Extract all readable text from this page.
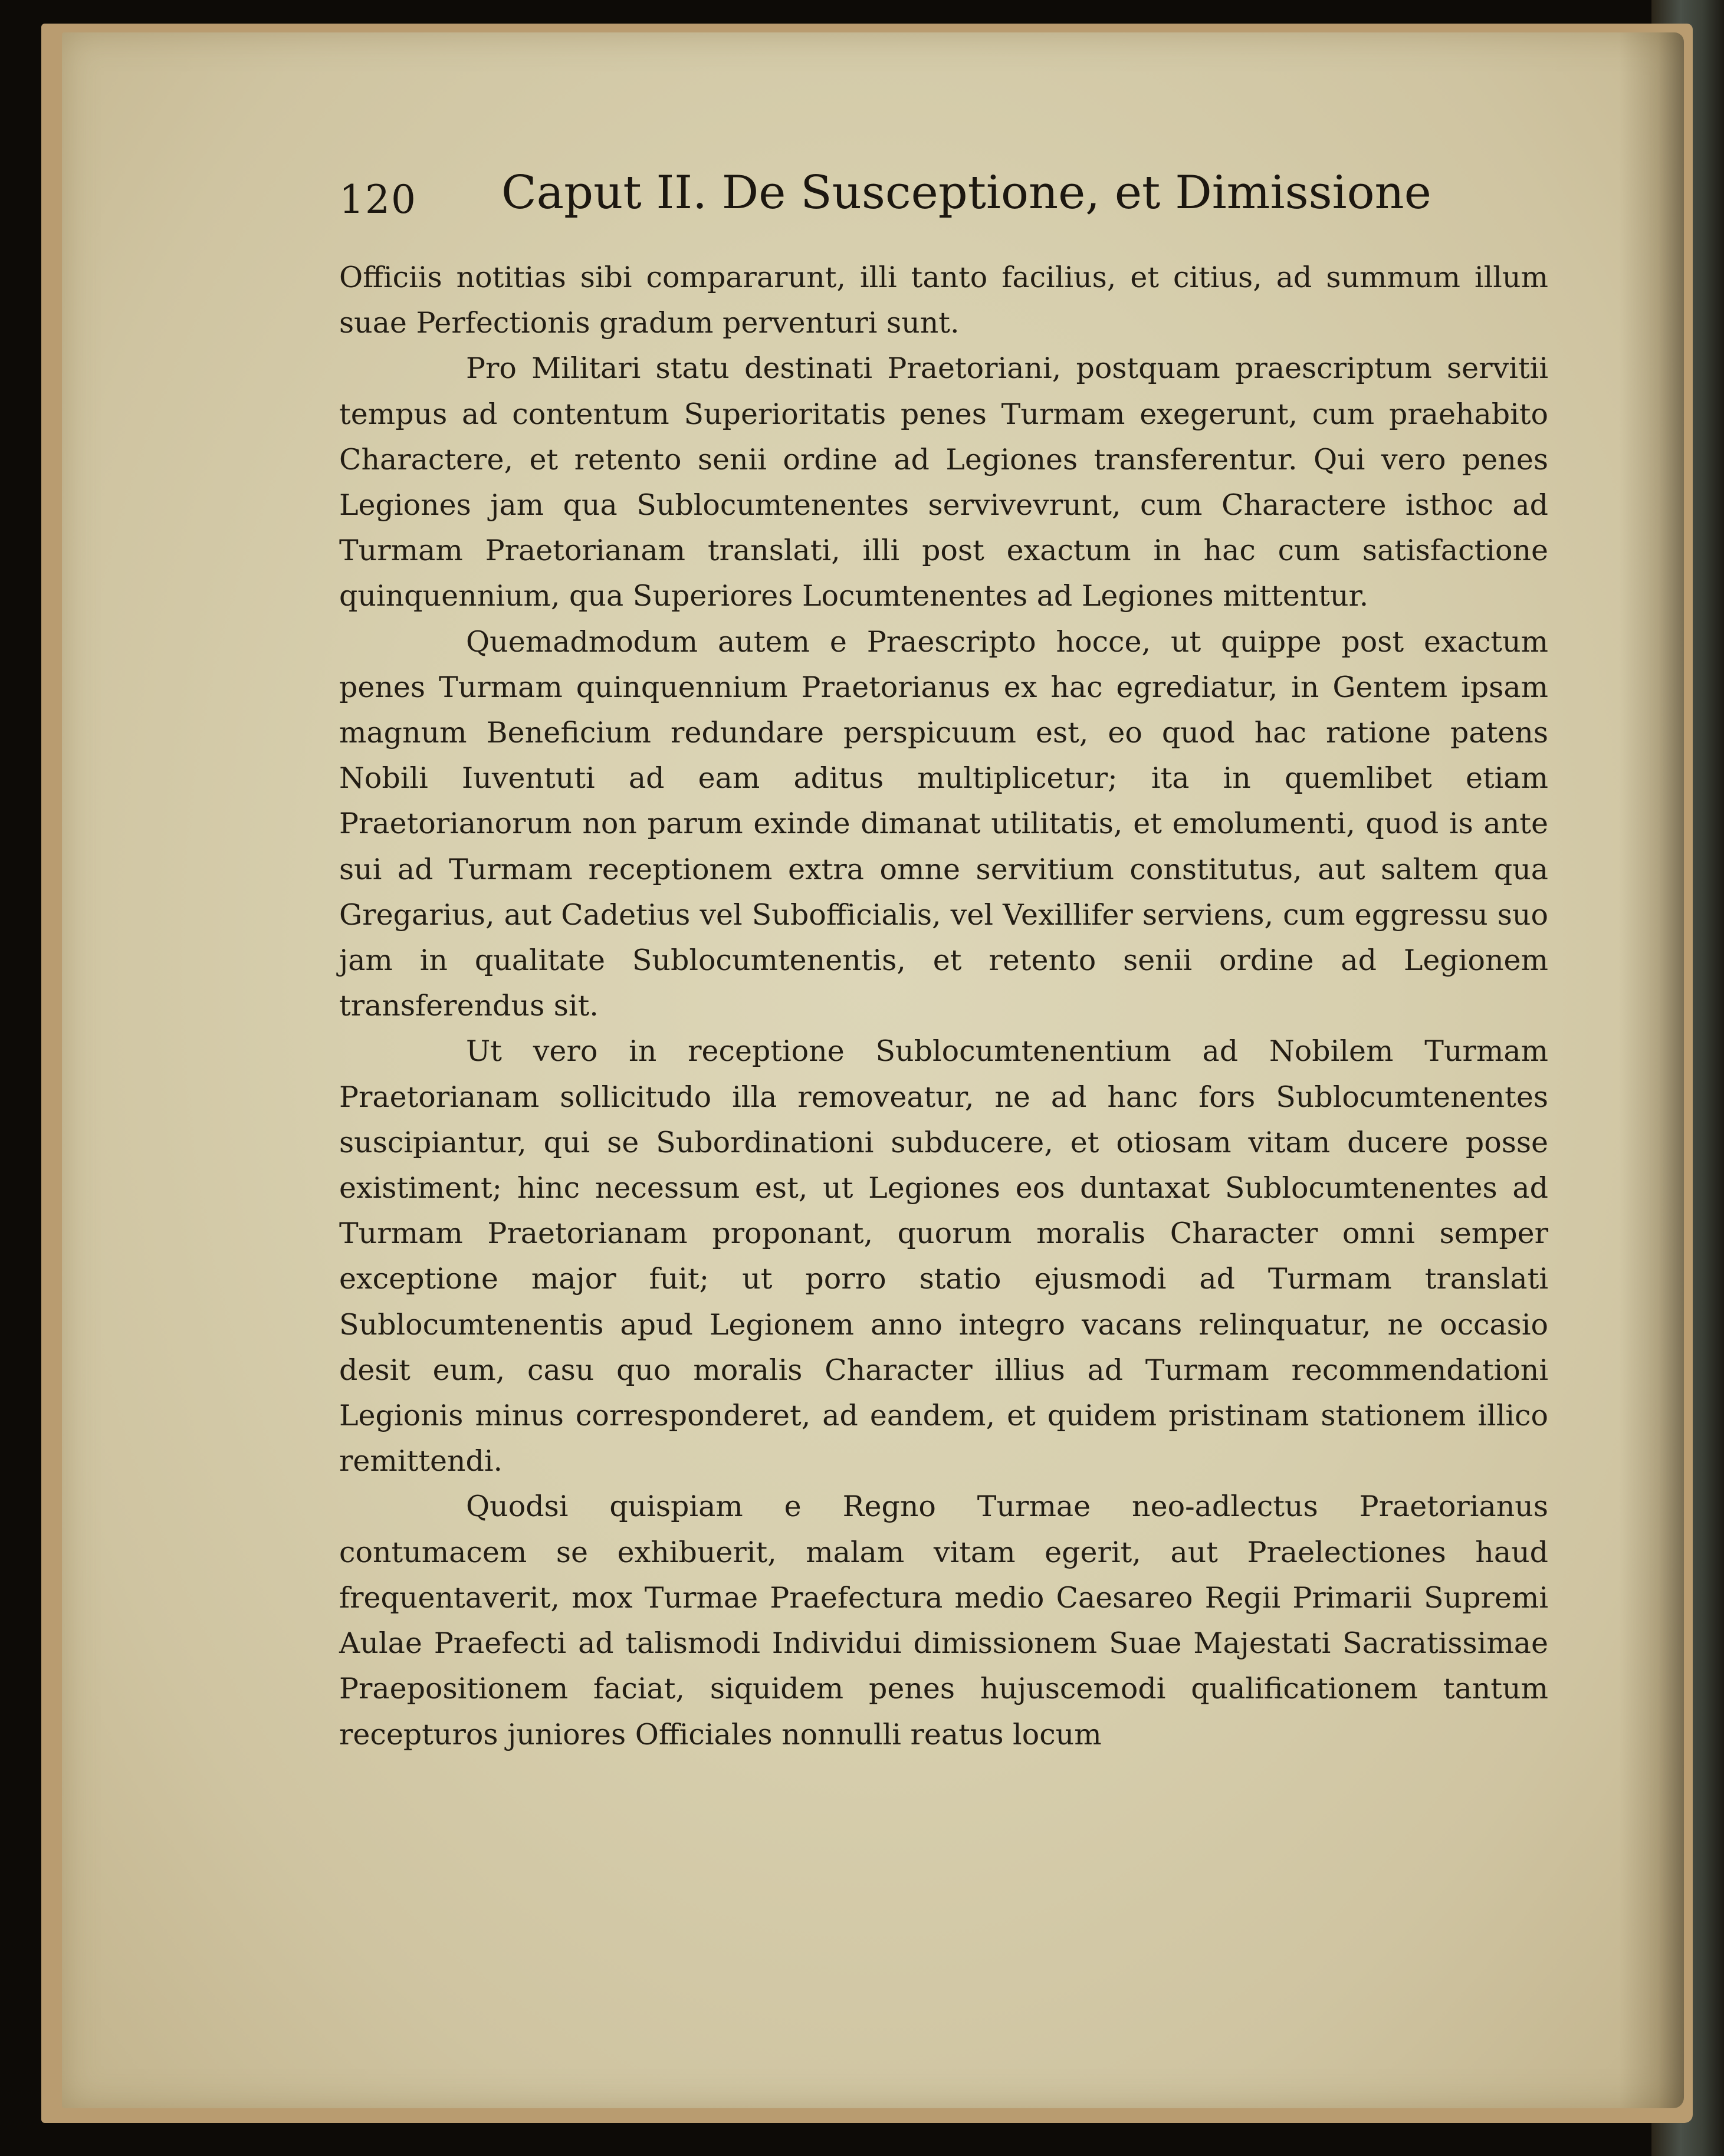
120 Caput II. De Susceptione, et Dimissione

Officiis notitias sibi compararunt, illi tanto facilius, et citius, ad summum illum suae Perfectionis gradum perventuri sunt.

Pro Militari statu destinati Praetoriani, postquam praescriptum servitii tempus ad contentum Superioritatis penes Turmam exegerunt, cum praehabito Charactere, et retento senii ordine ad Legiones transferentur. Qui vero penes Legiones jam qua Sublocumtenentes servivevrunt, cum Charactere isthoc ad Turmam Praetorianam translati, illi post exactum in hac cum satisfactione quinquennium, qua Superiores Locumtenentes ad Legiones mittentur.

Quemadmodum autem e Praescripto hocce, ut quippe post exactum penes Turmam quinquennium Praetorianus ex hac egrediatur, in Gentem ipsam magnum Beneficium redundare perspicuum est, eo quod hac ratione patens Nobili Iuventuti ad eam aditus multiplicetur; ita in quemlibet etiam Praetorianorum non parum exinde dimanat utilitatis, et emolumenti, quod is ante sui ad Turmam receptionem extra omne servitium constitutus, aut saltem qua Gregarius, aut Cadetius vel Subofficialis, vel Vexillifer serviens, cum eggressu suo jam in qualitate Sublocumtenentis, et retento senii ordine ad Legionem transferendus sit.

Ut vero in receptione Sublocumtenentium ad Nobilem Turmam Praetorianam sollicitudo illa removeatur, ne ad hanc fors Sublocumtenentes suscipiantur, qui se Subordinationi subducere, et otiosam vitam ducere posse existiment; hinc necessum est, ut Legiones eos duntaxat Sublocumtenentes ad Turmam Praetorianam proponant, quorum moralis Character omni semper exceptione major fuit; ut porro statio ejusmodi ad Turmam translati Sublocumtenentis apud Legionem anno integro vacans relinquatur, ne occasio desit eum, casu quo moralis Character illius ad Turmam recommendationi Legionis minus corresponderet, ad eandem, et quidem pristinam stationem illico remittendi.

Quodsi quispiam e Regno Turmae neo-adlectus Praetorianus contumacem se exhibuerit, malam vitam egerit, aut Praelectiones haud frequentaverit, mox Turmae Praefectura medio Caesareo Regii Primarii Supremi Aulae Praefecti ad talismodi Individui dimissionem Suae Majestati Sacratissimae Praepositionem faciat, siquidem penes hujuscemodi qualificationem tantum recepturos juniores Officiales nonnulli reatus locum
